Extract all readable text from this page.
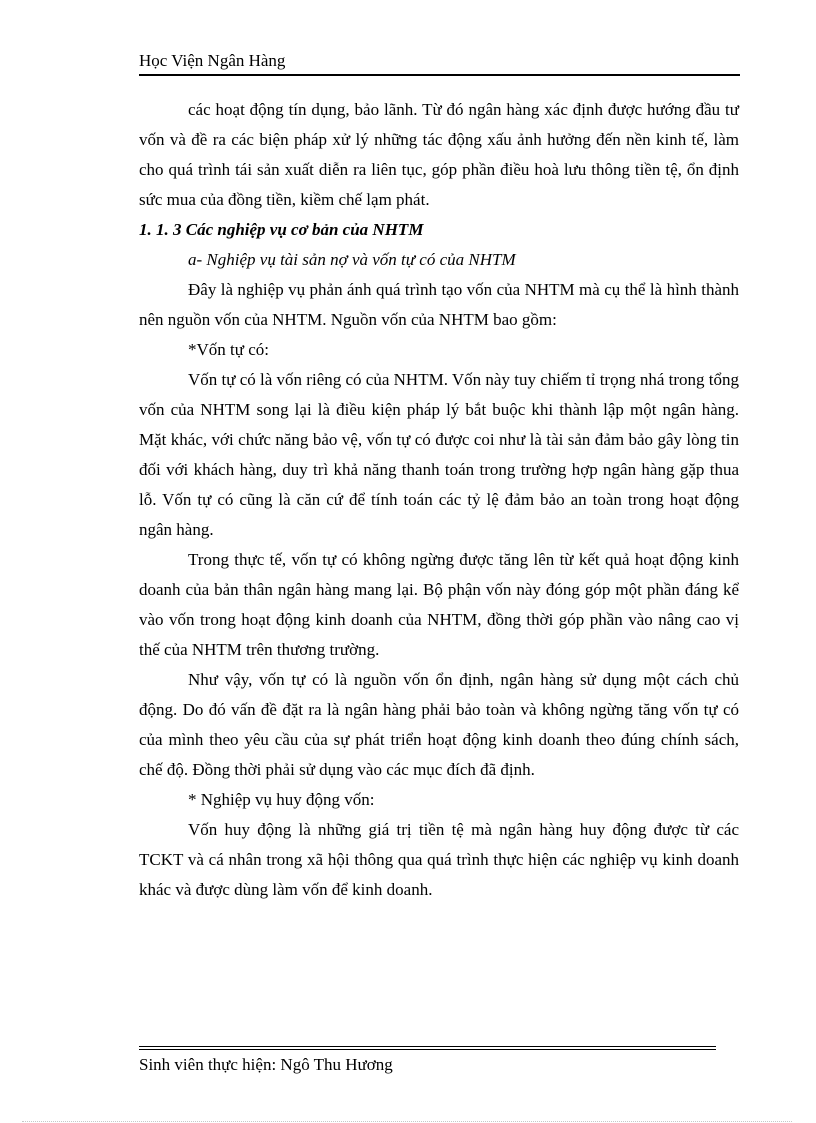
Học Viện Ngân Hàng

các hoạt động tín dụng, bảo lãnh. Từ đó ngân hàng xác định được hướng đầu tư vốn và đề ra các biện pháp xử lý những tác động xấu ảnh hưởng đến nền kinh tế, làm cho quá trình tái sản xuất diễn ra liên tục, góp phần điều hoà lưu thông tiền tệ, ổn định sức mua của đồng tiền, kiềm chế lạm phát.

1. 1. 3 Các nghiệp vụ cơ bản của NHTM

a- Nghiệp vụ tài sản nợ và vốn tự có của NHTM

Đây là nghiệp vụ phản ánh quá trình tạo vốn của NHTM mà cụ thể là hình thành nên nguồn vốn của NHTM. Nguồn vốn của NHTM bao gồm:

*Vốn tự có:

Vốn tự có là vốn riêng có của NHTM. Vốn này tuy chiếm tỉ trọng nhá trong tổng vốn của NHTM song lại là điều kiện pháp lý bắt buộc khi thành lập một ngân hàng. Mặt khác, với chức năng bảo vệ, vốn tự có được coi như là tài sản đảm bảo gây lòng tin đối với khách hàng, duy trì khả năng thanh toán trong trường hợp ngân hàng gặp thua lỗ. Vốn tự có cũng là căn cứ để tính toán các tỷ lệ đảm bảo an toàn trong hoạt động ngân hàng.

Trong thực tế, vốn tự có không ngừng được tăng lên từ kết quả hoạt động kinh doanh của bản thân ngân hàng mang lại. Bộ phận vốn này đóng góp một phần đáng kể vào vốn trong hoạt động kinh doanh của NHTM, đồng thời góp phần vào nâng cao vị thế của NHTM trên thương trường.

Như vậy, vốn tự có là nguồn vốn ổn định, ngân hàng sử dụng một cách chủ động. Do đó vấn đề đặt ra là ngân hàng phải bảo toàn và không ngừng tăng vốn tự có của mình theo yêu cầu của sự phát triển hoạt động kinh doanh theo đúng chính sách, chế độ. Đồng thời phải sử dụng vào các mục đích đã định.

* Nghiệp vụ huy động vốn:

Vốn huy động là những giá trị tiền tệ mà ngân hàng huy động được từ các TCKT và cá nhân trong xã hội thông qua quá trình thực hiện các nghiệp vụ kinh doanh khác và được dùng làm vốn để kinh doanh.

Sinh viên thực hiện: Ngô Thu Hương
